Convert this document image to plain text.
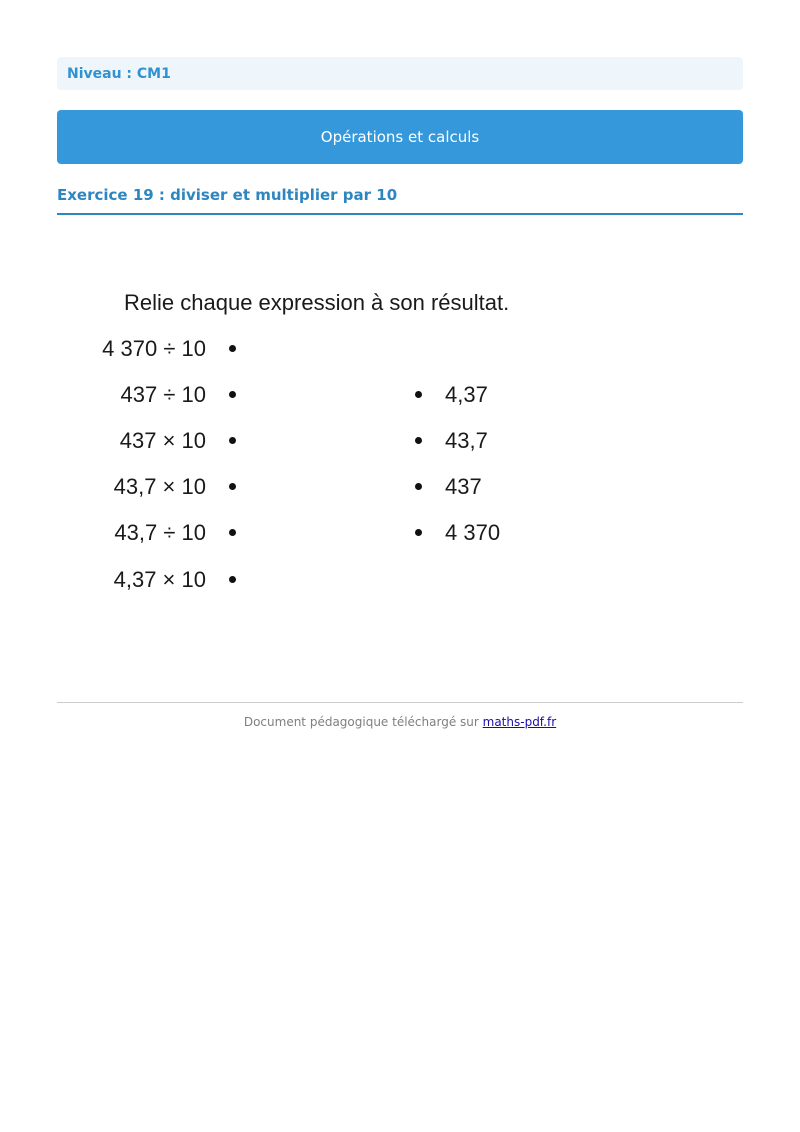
Niveau : CM1
Opérations et calculs
Exercice 19 : diviser et multiplier par 10
Relie chaque expression à son résultat.
4 370 ÷ 10
437 ÷ 10
437 × 10
43,7 × 10
43,7 ÷ 10
4,37 × 10
4,37
43,7
437
4 370
Document pédagogique téléchargé sur maths-pdf.fr
